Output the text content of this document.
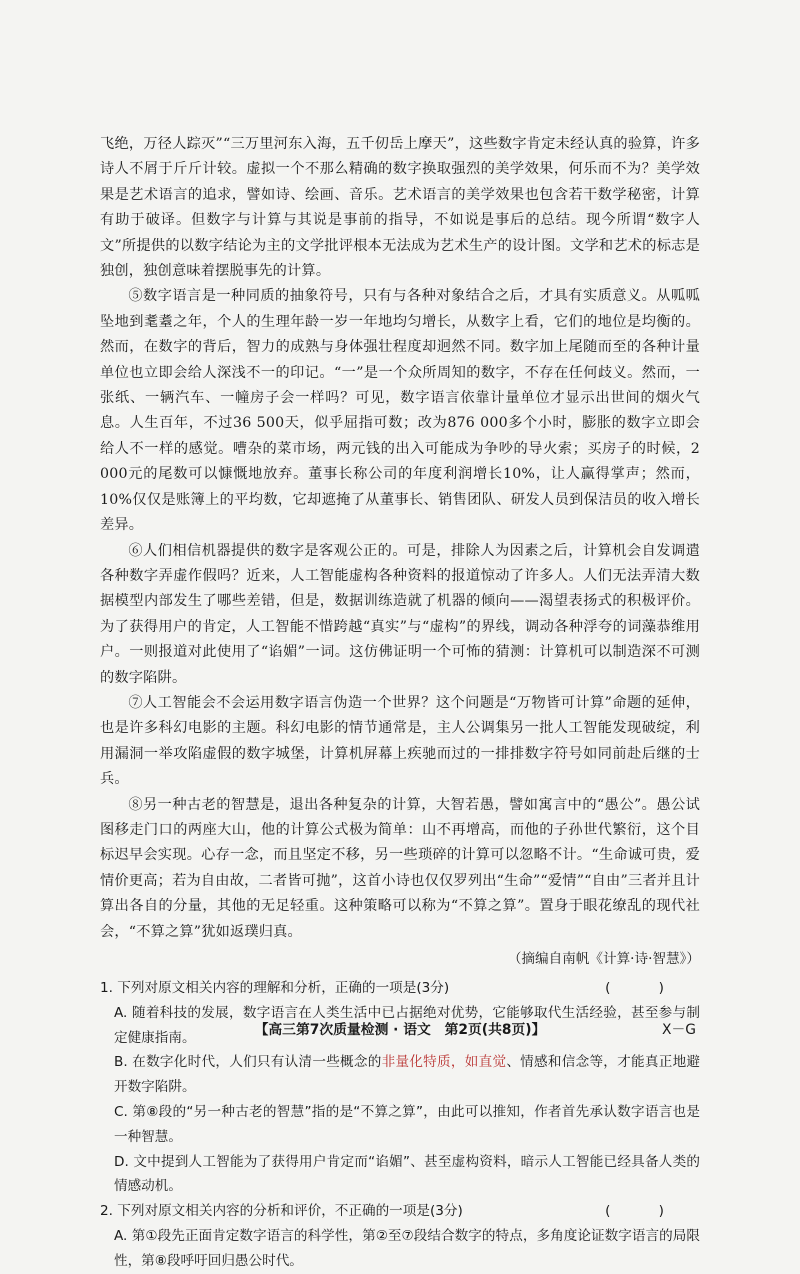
飞绝，万径人踪灭”“三万里河东入海，五千仞岳上摩天”，这些数字肯定未经认真的验算，许多诗人不屑于斤斤计较。虚拟一个不那么精确的数字换取强烈的美学效果，何乐而不为？美学效果是艺术语言的追求，譬如诗、绘画、音乐。艺术语言的美学效果也包含若干数学秘密，计算有助于破译。但数字与计算与其说是事前的指导，不如说是事后的总结。现今所谓“数字人文”所提供的以数字结论为主的文学批评根本无法成为艺术生产的设计图。文学和艺术的标志是独创，独创意味着摆脱事先的计算。

⑤数字语言是一种同质的抽象符号，只有与各种对象结合之后，才具有实质意义。从呱呱坠地到耄耋之年，个人的生理年龄一岁一年地均匀增长，从数字上看，它们的地位是均衡的。然而，在数字的背后，智力的成熟与身体强壮程度却迥然不同。数字加上尾随而至的各种计量单位也立即会给人深浅不一的印记。“一”是一个众所周知的数字，不存在任何歧义。然而，一张纸、一辆汽车、一幢房子会一样吗？可见，数字语言依靠计量单位才显示出世间的烟火气息。人生百年，不过36 500天，似乎屈指可数；改为876 000多个小时，膨胀的数字立即会给人不一样的感觉。嘈杂的菜市场，两元钱的出入可能成为争吵的导火索；买房子的时候，2 000元的尾数可以慷慨地放弃。董事长称公司的年度利润增长10%，让人赢得掌声；然而，10%仅仅是账簿上的平均数，它却遮掩了从董事长、销售团队、研发人员到保洁员的收入增长差异。

⑥人们相信机器提供的数字是客观公正的。可是，排除人为因素之后，计算机会自发调遣各种数字弄虚作假吗？近来，人工智能虚构各种资料的报道惊动了许多人。人们无法弄清大数据模型内部发生了哪些差错，但是，数据训练造就了机器的倾向——渴望表扬式的积极评价。为了获得用户的肯定，人工智能不惜跨越“真实”与“虚构”的界线，调动各种浮夸的词藻恭维用户。一则报道对此使用了“谄媚”一词。这仿佛证明一个可怖的猜测：计算机可以制造深不可测的数字陷阱。

⑦人工智能会不会运用数字语言伪造一个世界？这个问题是“万物皆可计算”命题的延伸，也是许多科幻电影的主题。科幻电影的情节通常是，主人公调集另一批人工智能发现破绽，利用漏洞一举攻陷虚假的数字城堡，计算机屏幕上疾驰而过的一排排数字符号如同前赴后继的士兵。

⑧另一种古老的智慧是，退出各种复杂的计算，大智若愚，譬如寓言中的“愚公”。愚公试图移走门口的两座大山，他的计算公式极为简单：山不再增高，而他的子孙世代繁衍，这个目标迟早会实现。心存一念，而且坚定不移，另一些琐碎的计算可以忽略不计。“生命诚可贵，爱情价更高；若为自由故，二者皆可抛”，这首小诗也仅仅罗列出“生命”“爱情”“自由”三者并且计算出各自的分量，其他的无足轻重。这种策略可以称为“不算之算”。置身于眼花缭乱的现代社会，“不算之算”犹如返璞归真。

（摘编自南帆《计算·诗·智慧》）

1. 下列对原文相关内容的理解和分析，正确的一项是(3分)	( )

A. 随着科技的发展，数字语言在人类生活中已占据绝对优势，它能够取代生活经验，甚至参与制定健康指南。

B. 在数字化时代，人们只有认清一些概念的非量化特质，如直觉、情感和信念等，才能真正地避开数字陷阱。

C. 第⑧段的“另一种古老的智慧”指的是“不算之算”，由此可以推知，作者首先承认数字语言也是一种智慧。

D. 文中提到人工智能为了获得用户肯定而“谄媚”、甚至虚构资料，暗示人工智能已经具备人类的情感动机。

2. 下列对原文相关内容的分析和评价，不正确的一项是(3分)	( )

A. 第①段先正面肯定数字语言的科学性，第②至⑦段结合数字的特点，多角度论证数字语言的局限性，第⑧段呼吁回归愚公时代。

【高三第7次质量检测 · 语文　第2页(共8页)】	X－G
